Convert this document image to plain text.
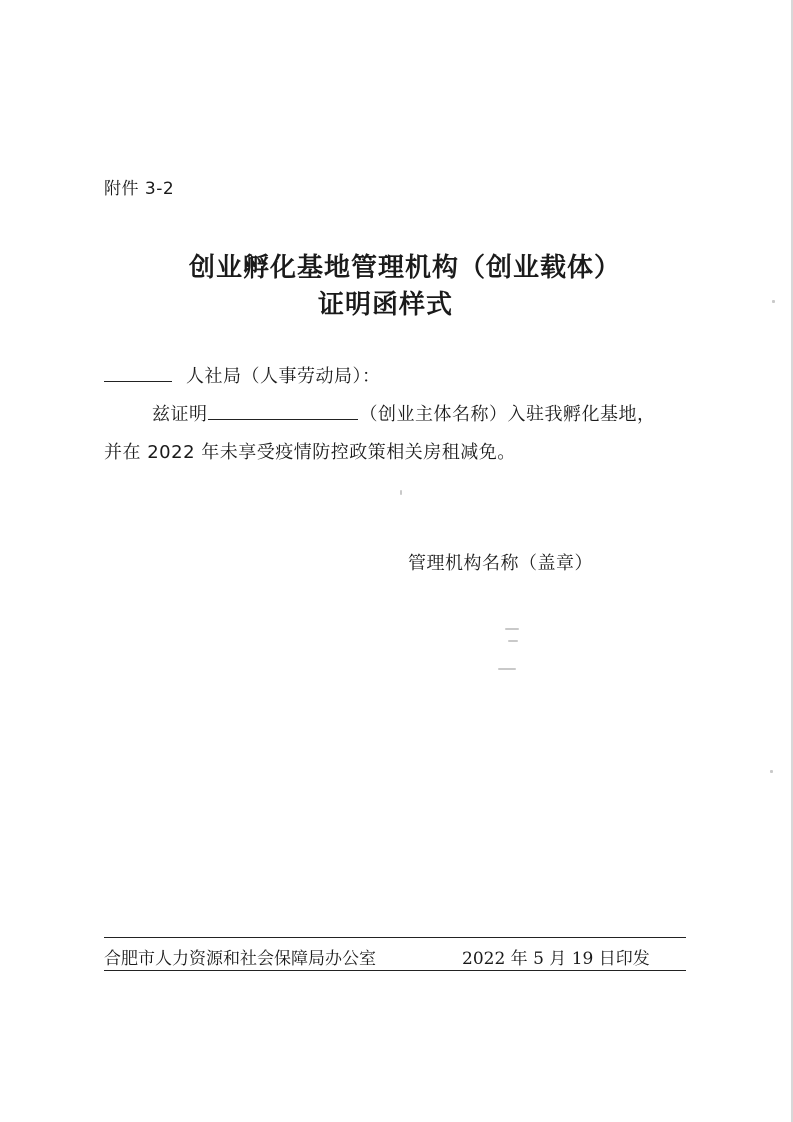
附件 3-2
创业孵化基地管理机构（创业载体）
证明函样式
人社局（人事劳动局）：
兹证明	（创业主体名称）入驻我孵化基地，
并在 2022 年未享受疫情防控政策相关房租减免。
管理机构名称（盖章）
合肥市人力资源和社会保障局办公室	2022 年 5 月 19 日印发
